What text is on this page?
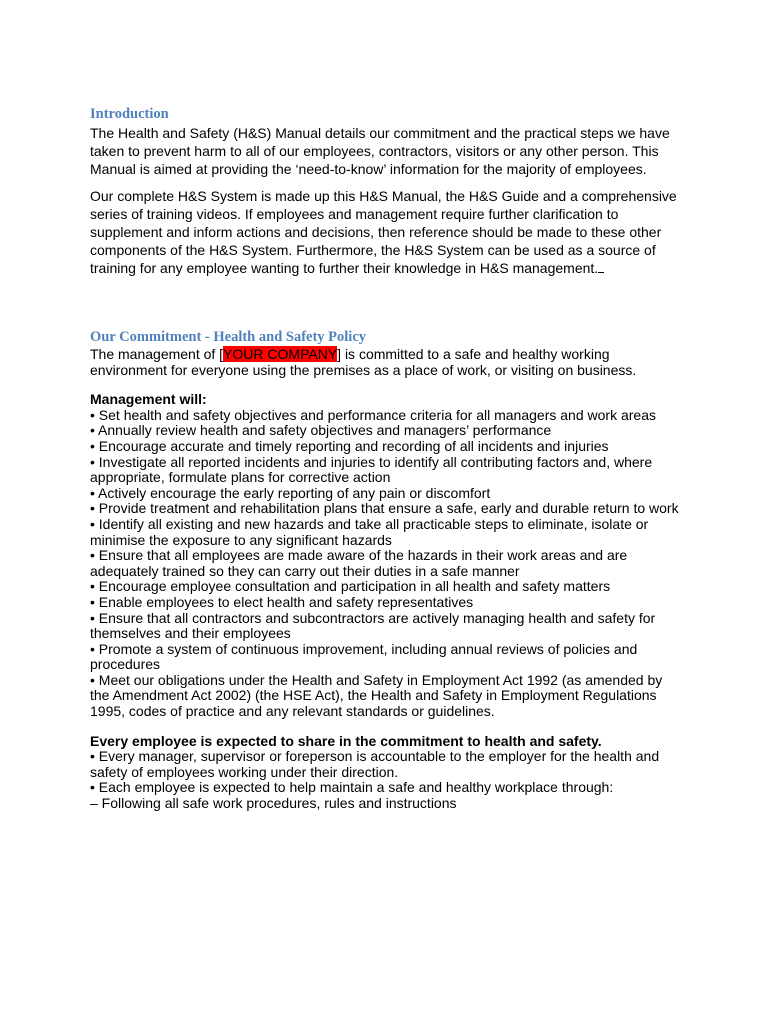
Introduction

The Health and Safety (H&S) Manual details our commitment and the practical steps we have taken to prevent harm to all of our employees, contractors, visitors or any other person. This Manual is aimed at providing the ‘need-to-know’ information for the majority of employees.

Our complete H&S System is made up this H&S Manual, the H&S Guide and a comprehensive series of training videos. If employees and management require further clarification to supplement and inform actions and decisions, then reference should be made to these other components of the H&S System. Furthermore, the H&S System can be used as a source of training for any employee wanting to further their knowledge in H&S management.

Our Commitment - Health and Safety Policy

The management of [YOUR COMPANY] is committed to a safe and healthy working environment for everyone using the premises as a place of work, or visiting on business.

Management will:

• Set health and safety objectives and performance criteria for all managers and work areas
• Annually review health and safety objectives and managers’ performance
• Encourage accurate and timely reporting and recording of all incidents and injuries
• Investigate all reported incidents and injuries to identify all contributing factors and, where appropriate, formulate plans for corrective action
• Actively encourage the early reporting of any pain or discomfort
• Provide treatment and rehabilitation plans that ensure a safe, early and durable return to work
• Identify all existing and new hazards and take all practicable steps to eliminate, isolate or minimise the exposure to any significant hazards
• Ensure that all employees are made aware of the hazards in their work areas and are adequately trained so they can carry out their duties in a safe manner
• Encourage employee consultation and participation in all health and safety matters
• Enable employees to elect health and safety representatives
• Ensure that all contractors and subcontractors are actively managing health and safety for themselves and their employees
• Promote a system of continuous improvement, including annual reviews of policies and procedures
• Meet our obligations under the Health and Safety in Employment Act 1992 (as amended by the Amendment Act 2002) (the HSE Act), the Health and Safety in Employment Regulations 1995, codes of practice and any relevant standards or guidelines.

Every employee is expected to share in the commitment to health and safety.

• Every manager, supervisor or foreperson is accountable to the employer for the health and safety of employees working under their direction.
• Each employee is expected to help maintain a safe and healthy workplace through:
– Following all safe work procedures, rules and instructions
